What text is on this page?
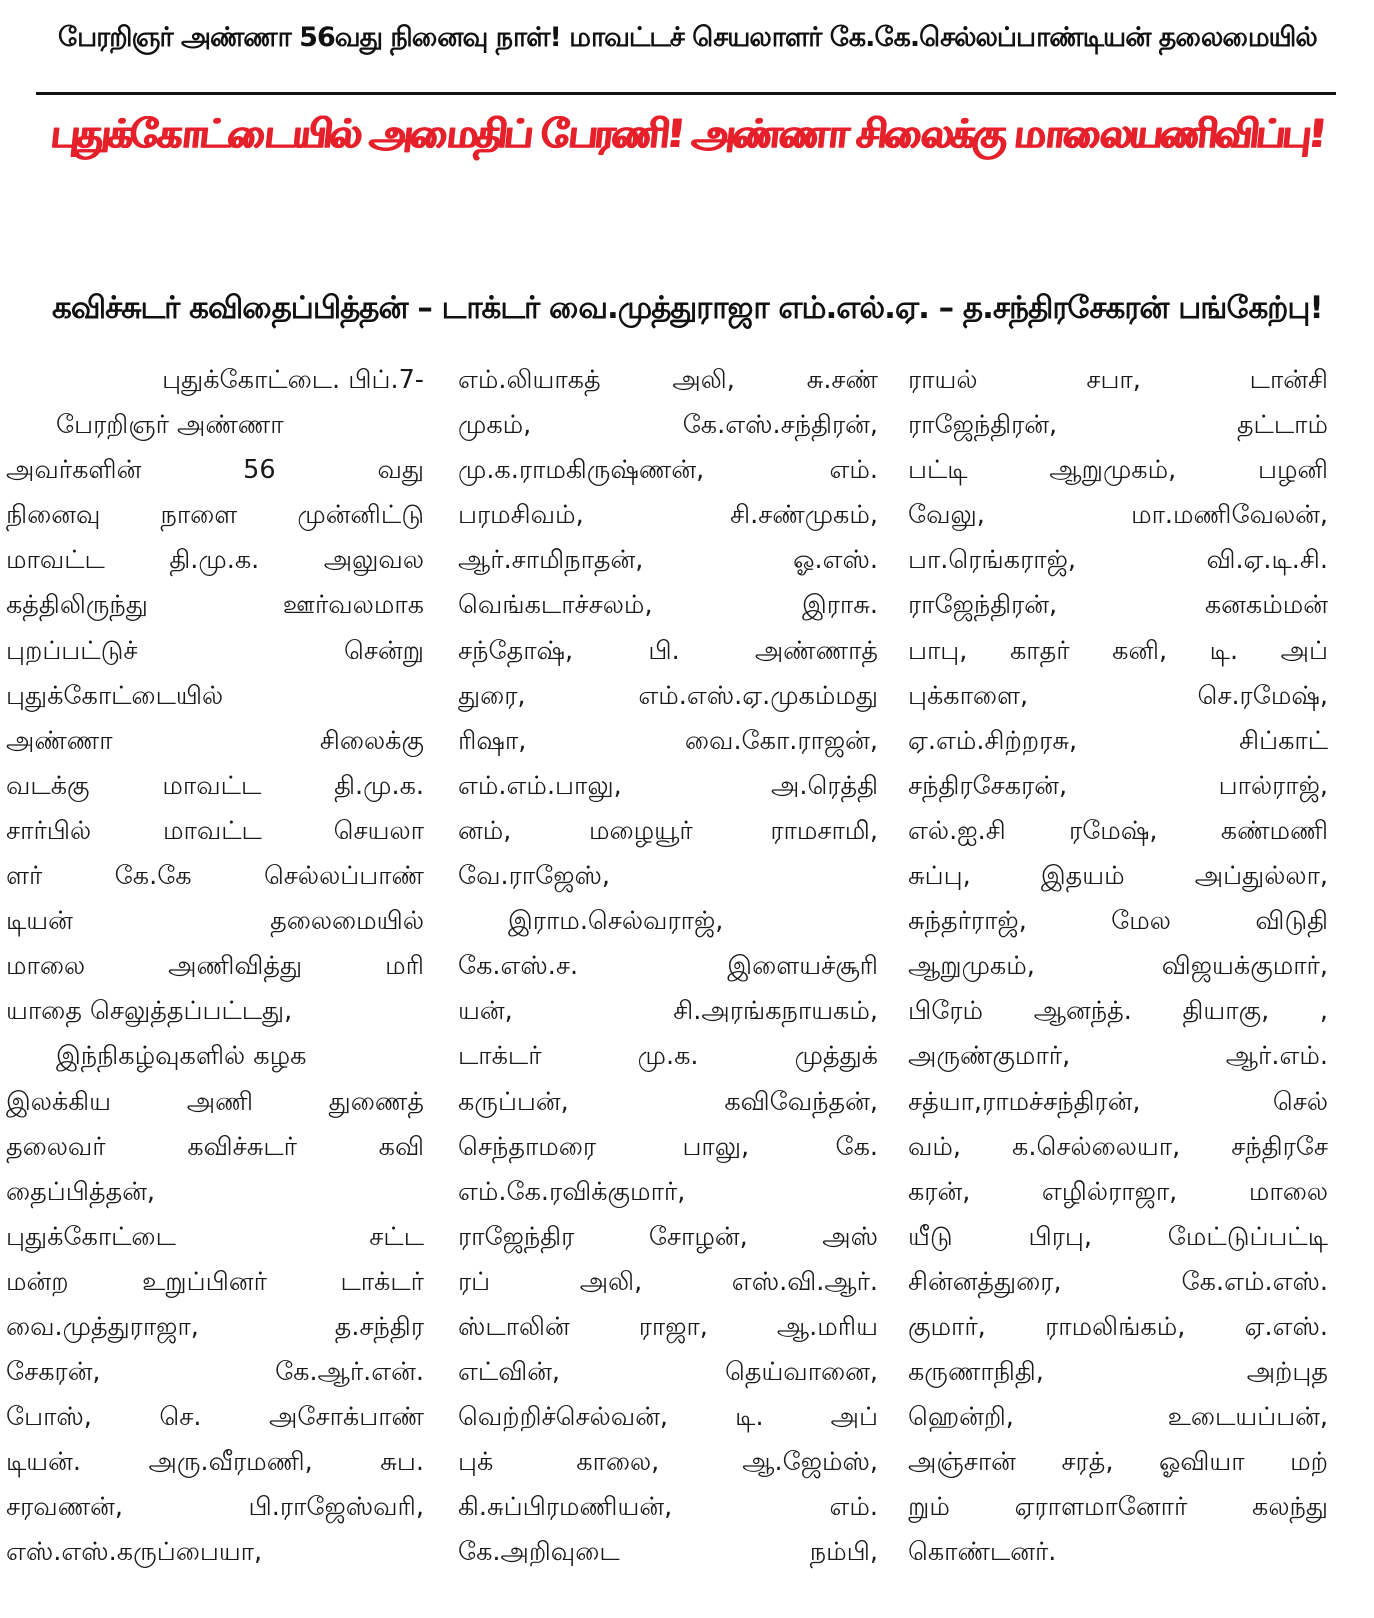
பேரறிஞர் அண்ணா 56வது நினைவு நாள்! மாவட்டச் செயலாளர் கே.கே.செல்லப்பாண்டியன் தலைமையில்
புதுக்கோட்டையில் அமைதிப் பேரணி! அண்ணா சிலைக்கு மாலையணிவிப்பு!
கவிச்சுடர் கவிதைப்பித்தன் – டாக்டர் வை.முத்துராஜா எம்.எல்.ஏ. – த.சந்திரசேகரன் பங்கேற்பு!
புதுக்கோட்டை. பிப்.7-
பேரறிஞர் அண்ணா
அவர்களின் 56 வது
நினைவு நாளை முன்னிட்டு
மாவட்ட தி.மு.க. அலுவல
கத்திலிருந்து ஊர்வலமாக
புறப்பட்டுச் சென்று
புதுக்கோட்டையில்
அண்ணா சிலைக்கு
வடக்கு மாவட்ட தி.மு.க.
சார்பில் மாவட்ட செயலா
ளர் கே.கே செல்லப்பாண்
டியன் தலைமையில்
மாலை அணிவித்து மரி
யாதை செலுத்தப்பட்டது,
இந்நிகழ்வுகளில் கழக
இலக்கிய அணி துணைத்
தலைவர் கவிச்சுடர் கவி
தைப்பித்தன்,
புதுக்கோட்டை சட்ட
மன்ற உறுப்பினர் டாக்டர்
வை.முத்துராஜா, த.சந்திர
சேகரன், கே.ஆர்.என்.
போஸ், செ. அசோக்பாண்
டியன். அரு.வீரமணி, சுப.
சரவணன், பி.ராஜேஸ்வரி,
எஸ்.எஸ்.கருப்பையா,
எம்.லியாகத் அலி, சு.சண்
முகம், கே.எஸ்.சந்திரன்,
மு.க.ராமகிருஷ்ணன், எம்.
பரமசிவம், சி.சண்முகம்,
ஆர்.சாமிநாதன், ஓ.எஸ்.
வெங்கடாச்சலம், இராசு.
சந்தோஷ், பி. அண்ணாத்
துரை, எம்.எஸ்.ஏ.முகம்மது
ரிஷா, வை.கோ.ராஜன்,
எம்.எம்.பாலு, அ.ரெத்தி
னம், மழையூர் ராமசாமி,
வே.ராஜேஸ்,
இராம.செல்வராஜ்,
கே.எஸ்.ச. இளையச்சூரி
யன், சி.அரங்கநாயகம்,
டாக்டர் மு.க. முத்துக்
கருப்பன், கவிவேந்தன்,
செந்தாமரை பாலு, கே.
எம்.கே.ரவிக்குமார்,
ராஜேந்திர சோழன், அஸ்
ரப் அலி, எஸ்.வி.ஆர்.
ஸ்டாலின் ராஜா, ஆ.மரிய
எட்வின், தெய்வானை,
வெற்றிச்செல்வன், டி. அப்
புக் காலை, ஆ.ஜேம்ஸ்,
கி.சுப்பிரமணியன், எம்.
கே.அறிவுடை நம்பி,
ராயல் சபா, டான்சி
ராஜேந்திரன், தட்டாம்
பட்டி ஆறுமுகம், பழனி
வேலு, மா.மணிவேலன்,
பா.ரெங்கராஜ், வி.ஏ.டி.சி.
ராஜேந்திரன், கனகம்மன்
பாபு, காதர் கனி, டி. அப்
புக்காளை, செ.ரமேஷ்,
ஏ.எம்.சிற்றரசு, சிப்காட்
சந்திரசேகரன், பால்ராஜ்,
எல்.ஐ.சி ரமேஷ், கண்மணி
சுப்பு, இதயம் அப்துல்லா,
சுந்தர்ராஜ், மேல விடுதி
ஆறுமுகம், விஜயக்குமார்,
பிரேம் ஆனந்த். தியாகு, ,
அருண்குமார், ஆர்.எம்.
சத்யா,ராமச்சந்திரன், செல்
வம், க.செல்லையா, சந்திரசே
கரன், எழில்ராஜா, மாலை
யீடு பிரபு, மேட்டுப்பட்டி
சின்னத்துரை, கே.எம்.எஸ்.
குமார், ராமலிங்கம், ஏ.எஸ்.
கருணாநிதி, அற்புத
ஹென்றி, உடையப்பன்,
அஞ்சான் சரத், ஓவியா மற்
றும் ஏராளமானோர் கலந்து
கொண்டனர்.
